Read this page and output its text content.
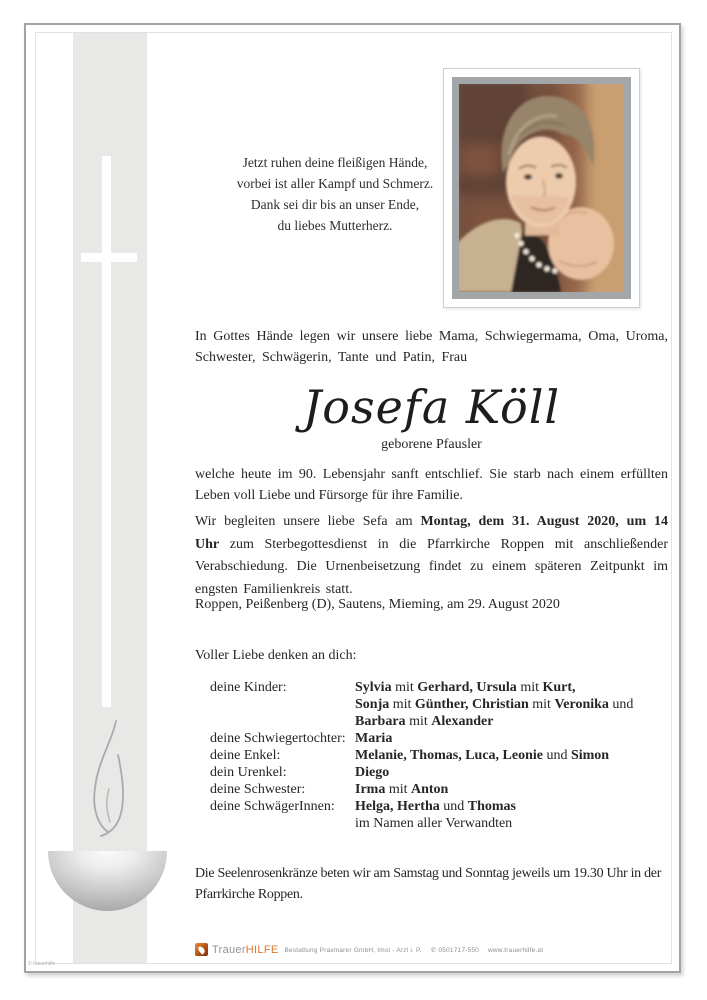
Jetzt ruhen deine fleißigen Hände,
vorbei ist aller Kampf und Schmerz.
Dank sei dir bis an unser Ende,
du liebes Mutterherz.

In Gottes Hände legen wir unsere liebe Mama, Schwiegermama, Oma, Uroma, Schwester, Schwägerin, Tante und Patin, Frau

Josefa Köll
geborene Pfausler

welche heute im 90. Lebensjahr sanft entschlief. Sie starb nach einem erfüllten Leben voll Liebe und Fürsorge für ihre Familie.

Wir begleiten unsere liebe Sefa am Montag, dem 31. August 2020, um 14 Uhr zum Sterbegottesdienst in die Pfarrkirche Roppen mit anschließender Verabschiedung. Die Urnenbeisetzung findet zu einem späteren Zeitpunkt im engsten Familienkreis statt.

Roppen, Peißenberg (D), Sautens, Mieming, am 29. August 2020
Voller Liebe denken an dich:
deine Kinder:	Sylvia mit Gerhard, Ursula mit Kurt,
Sonja mit Günther, Christian mit Veronika und
Barbara mit Alexander
deine Schwiegertochter: Maria
deine Enkel:	Melanie, Thomas, Luca, Leonie und Simon
dein Urenkel:	Diego
deine Schwester:	Irma mit Anton
deine SchwägerInnen:	Helga, Hertha und Thomas
im Namen aller Verwandten

Die Seelenrosenkränze beten wir am Samstag und Sonntag jeweils um 19.30 Uhr in der Pfarrkirche Roppen.

Trauer HILFE Bestattung Praxmarer GmbH, Imst - Arzl i. P. ✆ 0501717-550 www.trauerhilfe.at
© trauerhilfe
